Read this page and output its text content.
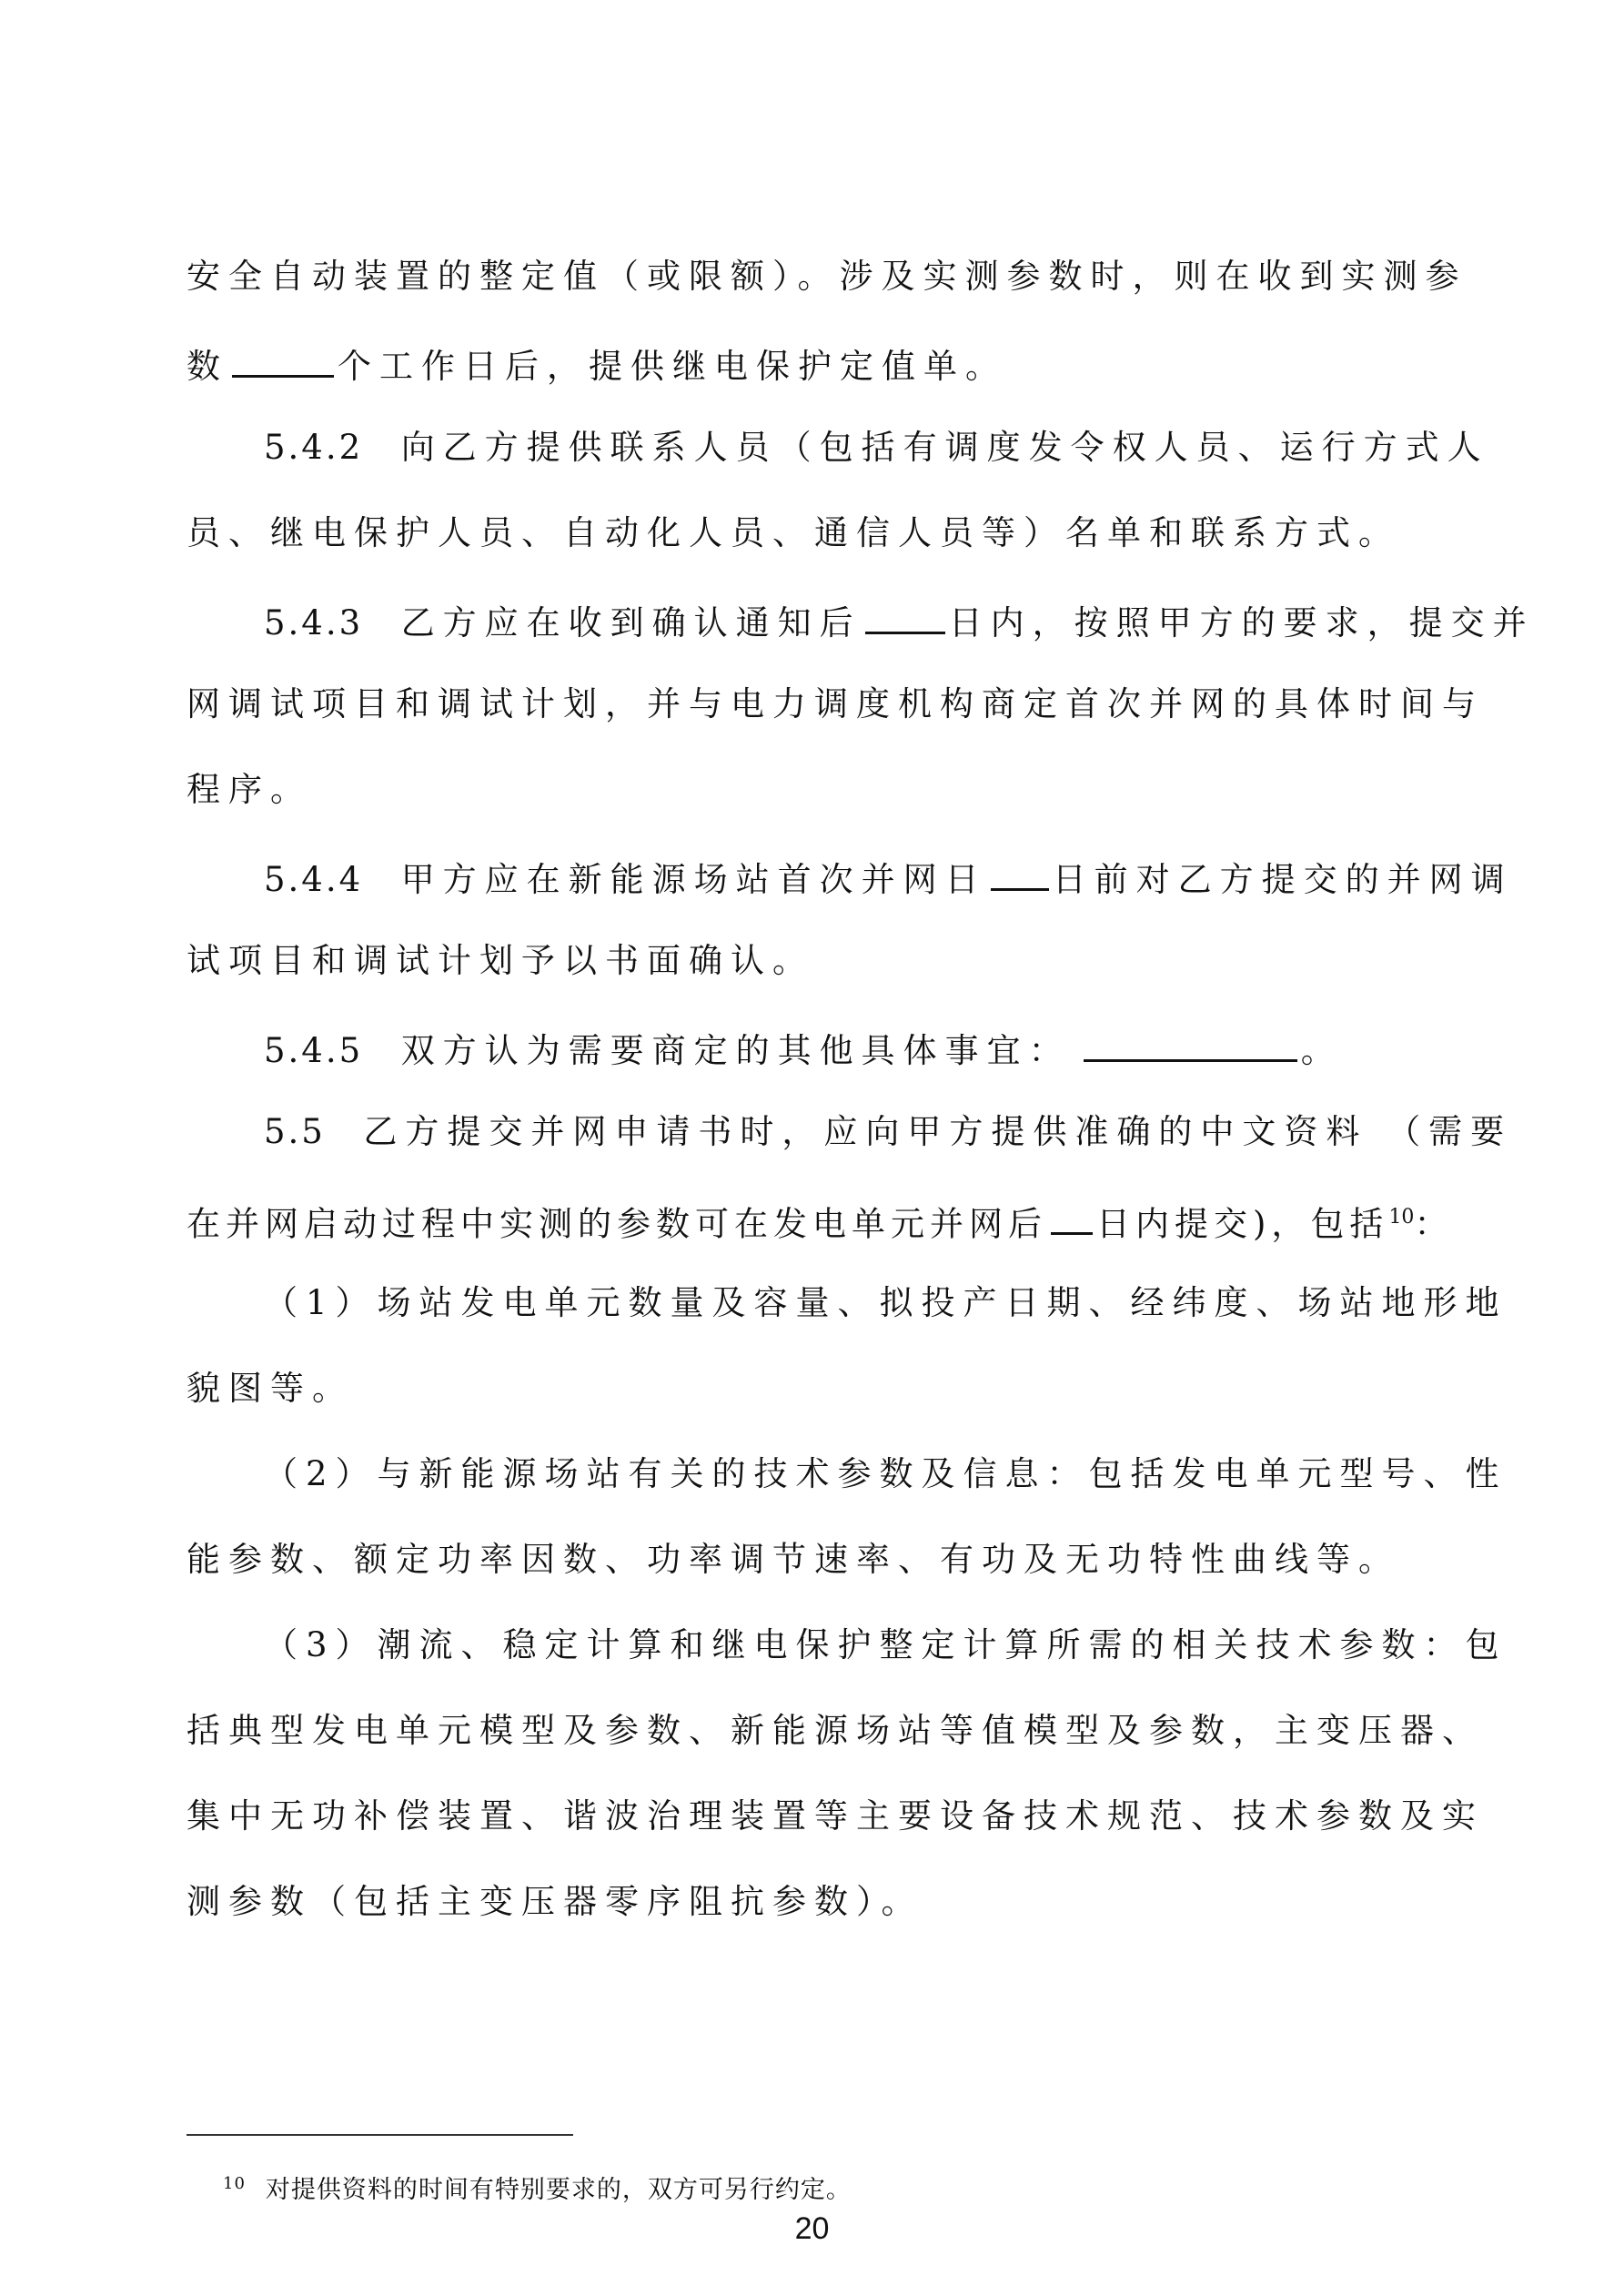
安全自动装置的整定值（或限额）。涉及实测参数时，则在收到实测参
数	个工作日后，提供继电保护定值单。
5.4.2 向乙方提供联系人员（包括有调度发令权人员、运行方式人
员、继电保护人员、自动化人员、通信人员等）名单和联系方式。
5.4.3 乙方应在收到确认通知后	日内，按照甲方的要求，提交并
网调试项目和调试计划，并与电力调度机构商定首次并网的具体时间与
程序。
5.4.4 甲方应在新能源场站首次并网日 日前对乙方提交的并网调
试项目和调试计划予以书面确认。
5.4.5 双方认为需要商定的其他具体事宜：	。
5.5 乙方提交并网申请书时，应向甲方提供准确的中文资料 （需要
在并网启动过程中实测的参数可在发电单元并网后 日内提交)，包括$^{10}$：
（1）场站发电单元数量及容量、拟投产日期、经纬度、场站地形地
貌图等。
（2）与新能源场站有关的技术参数及信息：包括发电单元型号、性
能参数、额定功率因数、功率调节速率、有功及无功特性曲线等。
（3）潮流、稳定计算和继电保护整定计算所需的相关技术参数：包
括典型发电单元模型及参数、新能源场站等值模型及参数，主变压器、
集中无功补偿装置、谐波治理装置等主要设备技术规范、技术参数及实
测参数（包括主变压器零序阻抗参数）。
$^{10}$ 对提供资料的时间有特别要求的，双方可另行约定。
20
